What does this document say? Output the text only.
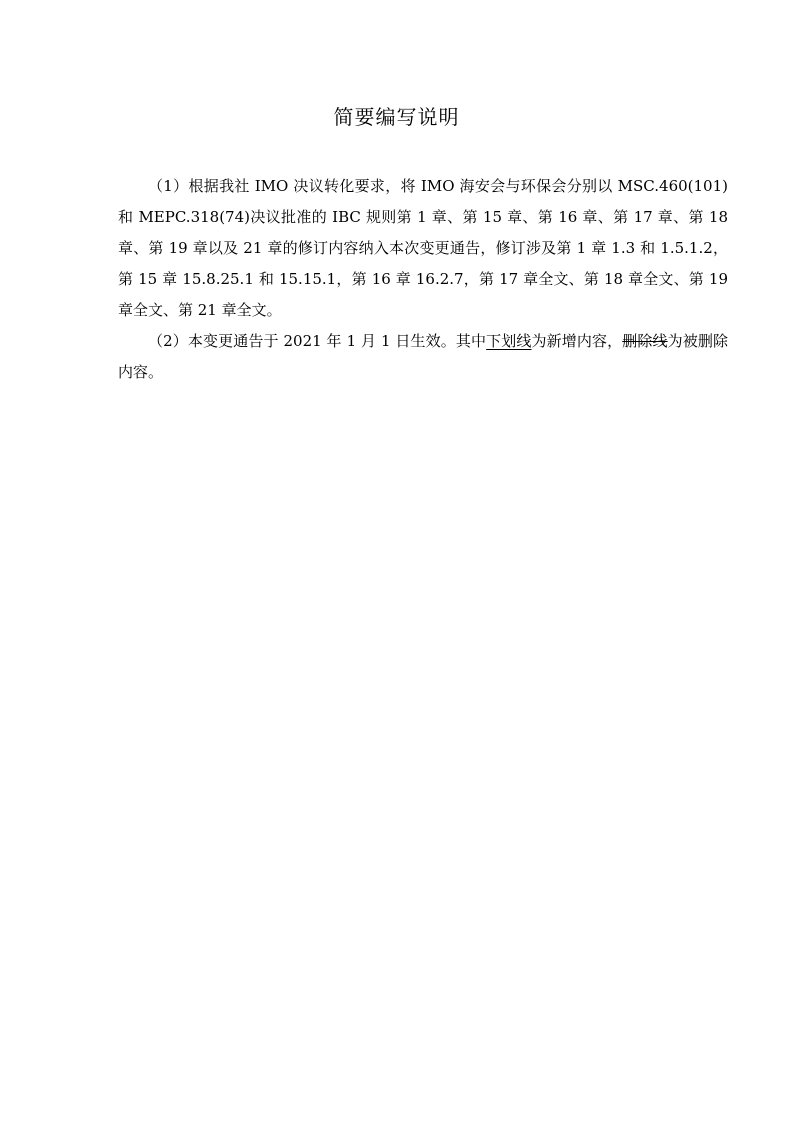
简要编写说明

（1）根据我社 IMO 决议转化要求，将 IMO 海安会与环保会分别以 MSC.460(101)和 MEPC.318(74)决议批准的 IBC 规则第 1 章、第 15 章、第 16 章、第 17 章、第 18 章、第 19 章以及 21 章的修订内容纳入本次变更通告，修订涉及第 1 章 1.3 和 1.5.1.2，第 15 章 15.8.25.1 和 15.15.1，第 16 章 16.2.7，第 17 章全文、第 18 章全文、第 19 章全文、第 21 章全文。

（2）本变更通告于 2021 年 1 月 1 日生效。其中下划线为新增内容，删除线为被删除内容。
